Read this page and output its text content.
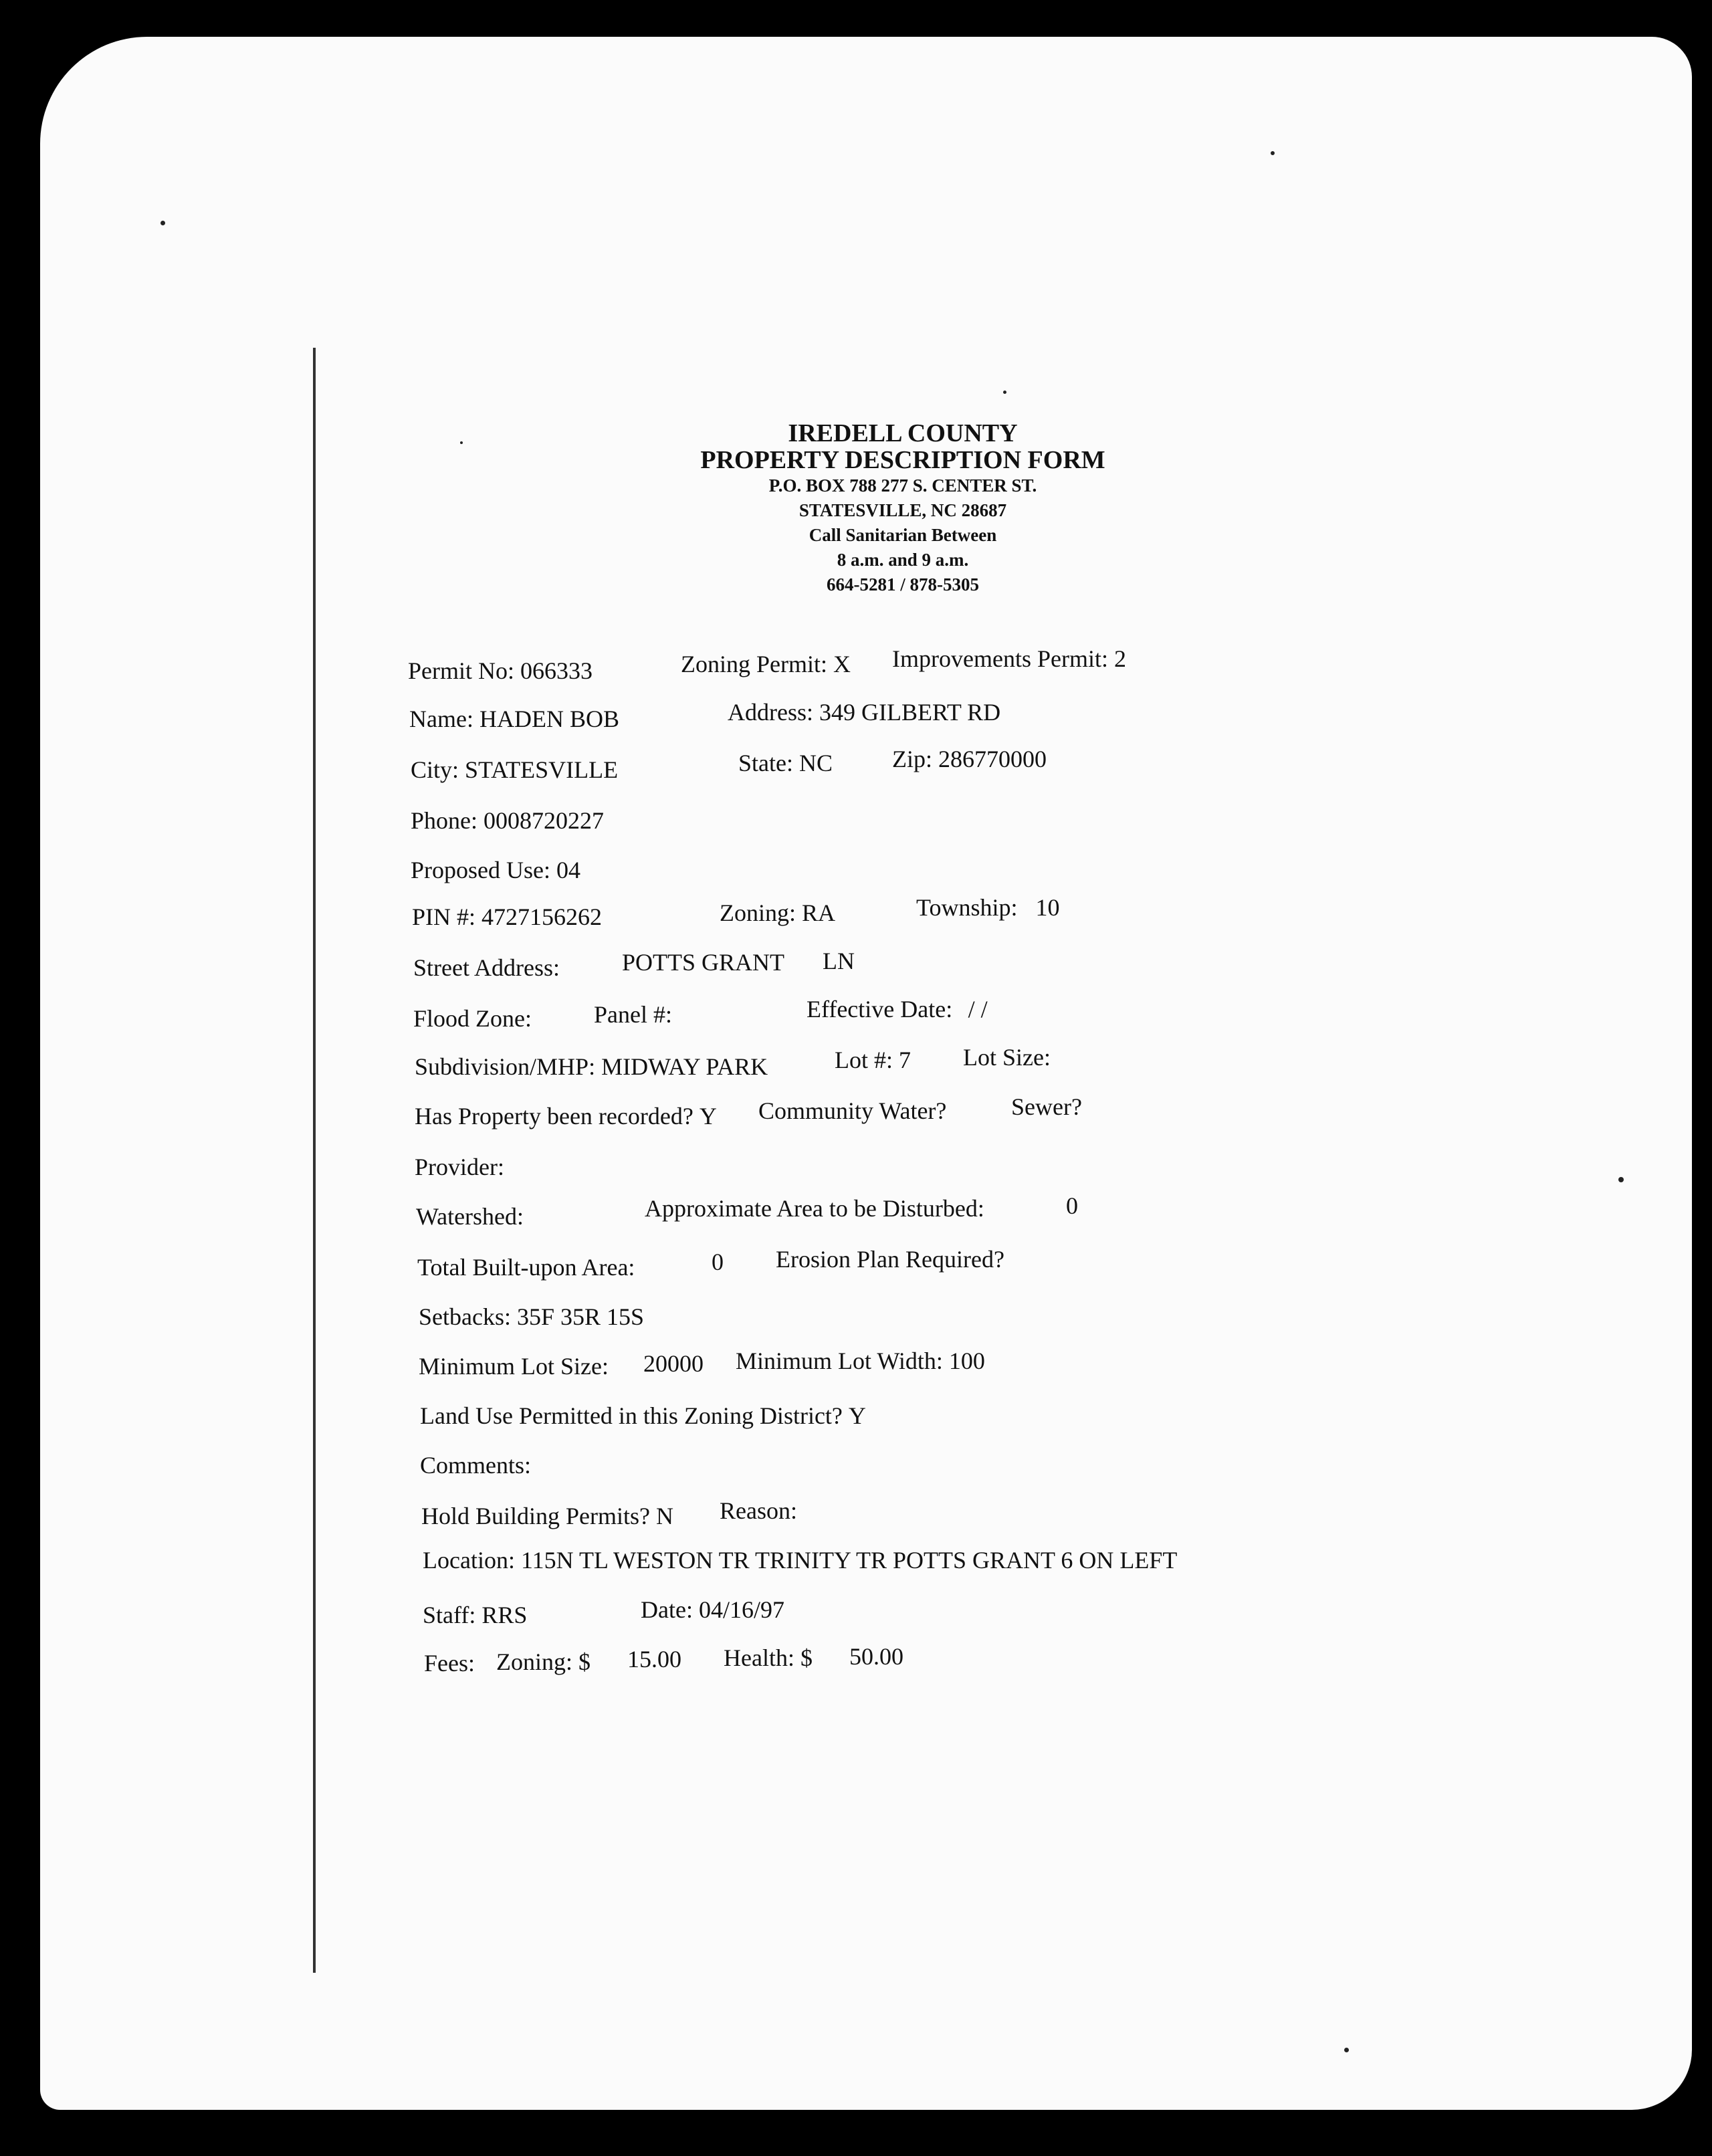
IREDELL COUNTY
PROPERTY DESCRIPTION FORM
P.O. BOX 788 277 S. CENTER ST.
STATESVILLE, NC 28687
Call Sanitarian Between
8 a.m. and 9 a.m.
664-5281 / 878-5305
Permit No: 066333	Zoning Permit: X Improvements Permit: 2
Name: HADEN BOB	Address: 349 GILBERT RD
City: STATESVILLE	State: NC Zip: 286770000
Phone: 0008720227
Proposed Use: 04
PIN #: 4727156262	Zoning: RA	Township: 10
Street Address:	POTTS GRANT LN
Flood Zone:	Panel #:	Effective Date: / /
Subdivision/MHP: MIDWAY PARK	Lot #: 7 Lot Size:
Has Property been recorded? Y Community Water?	Sewer?
Provider:
Watershed:	Approximate Area to be Disturbed:	0
Total Built-upon Area:	0 Erosion Plan Required?
Setbacks: 35F 35R 15S
Minimum Lot Size: 20000 Minimum Lot Width: 100
Land Use Permitted in this Zoning District? Y
Comments:
Hold Building Permits? N Reason:
Location: 115N TL WESTON TR TRINITY TR POTTS GRANT 6 ON LEFT
Staff: RRS	Date: 04/16/97
Fees: Zoning: $ 15.00 Health: $ 50.00
